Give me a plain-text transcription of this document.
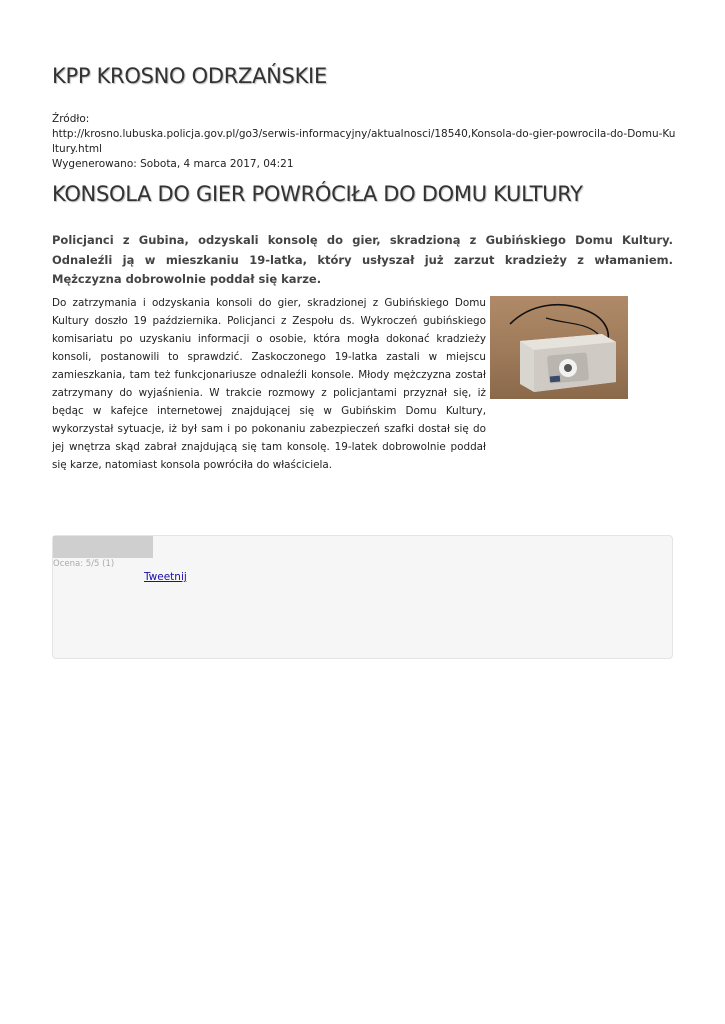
KPP KROSNO ODRZAŃSKIE
Źródło:
http://krosno.lubuska.policja.gov.pl/go3/serwis-informacyjny/aktualnosci/18540,Konsola-do-gier-powrocila-do-Domu-Kultury.html
Wygenerowano: Sobota, 4 marca 2017, 04:21
KONSOLA DO GIER POWRÓCIŁA DO DOMU KULTURY
Policjanci z Gubina, odzyskali konsolę do gier, skradzioną z Gubińskiego Domu Kultury. Odnaleźli ją w mieszkaniu 19-latka, który usłyszał już zarzut kradzieży z włamaniem. Mężczyzna dobrowolnie poddał się karze.
Do zatrzymania i odzyskania konsoli do gier, skradzionej z Gubińskiego Domu Kultury doszło 19 października. Policjanci z Zespołu ds. Wykroczeń gubińskiego komisariatu po uzyskaniu informacji o osobie, która mogła dokonać kradzieży konsoli, postanowili to sprawdzić. Zaskoczonego 19-latka zastali w miejscu zamieszkania, tam też funkcjonariusze odnaleźli konsole. Młody mężczyzna został zatrzymany do wyjaśnienia. W trakcie rozmowy z policjantami przyznał się, iż będąc w kafejce internetowej znajdującej się w Gubińskim Domu Kultury, wykorzystał sytuacje, iż był sam i po pokonaniu zabezpieczeń szafki dostał się do jej wnętrza skąd zabrał znajdującą się tam konsolę. 19-latek dobrowolnie poddał się karze, natomiast konsola powróciła do właściciela.
Ocena: 5/5 (1)
Tweetnij
